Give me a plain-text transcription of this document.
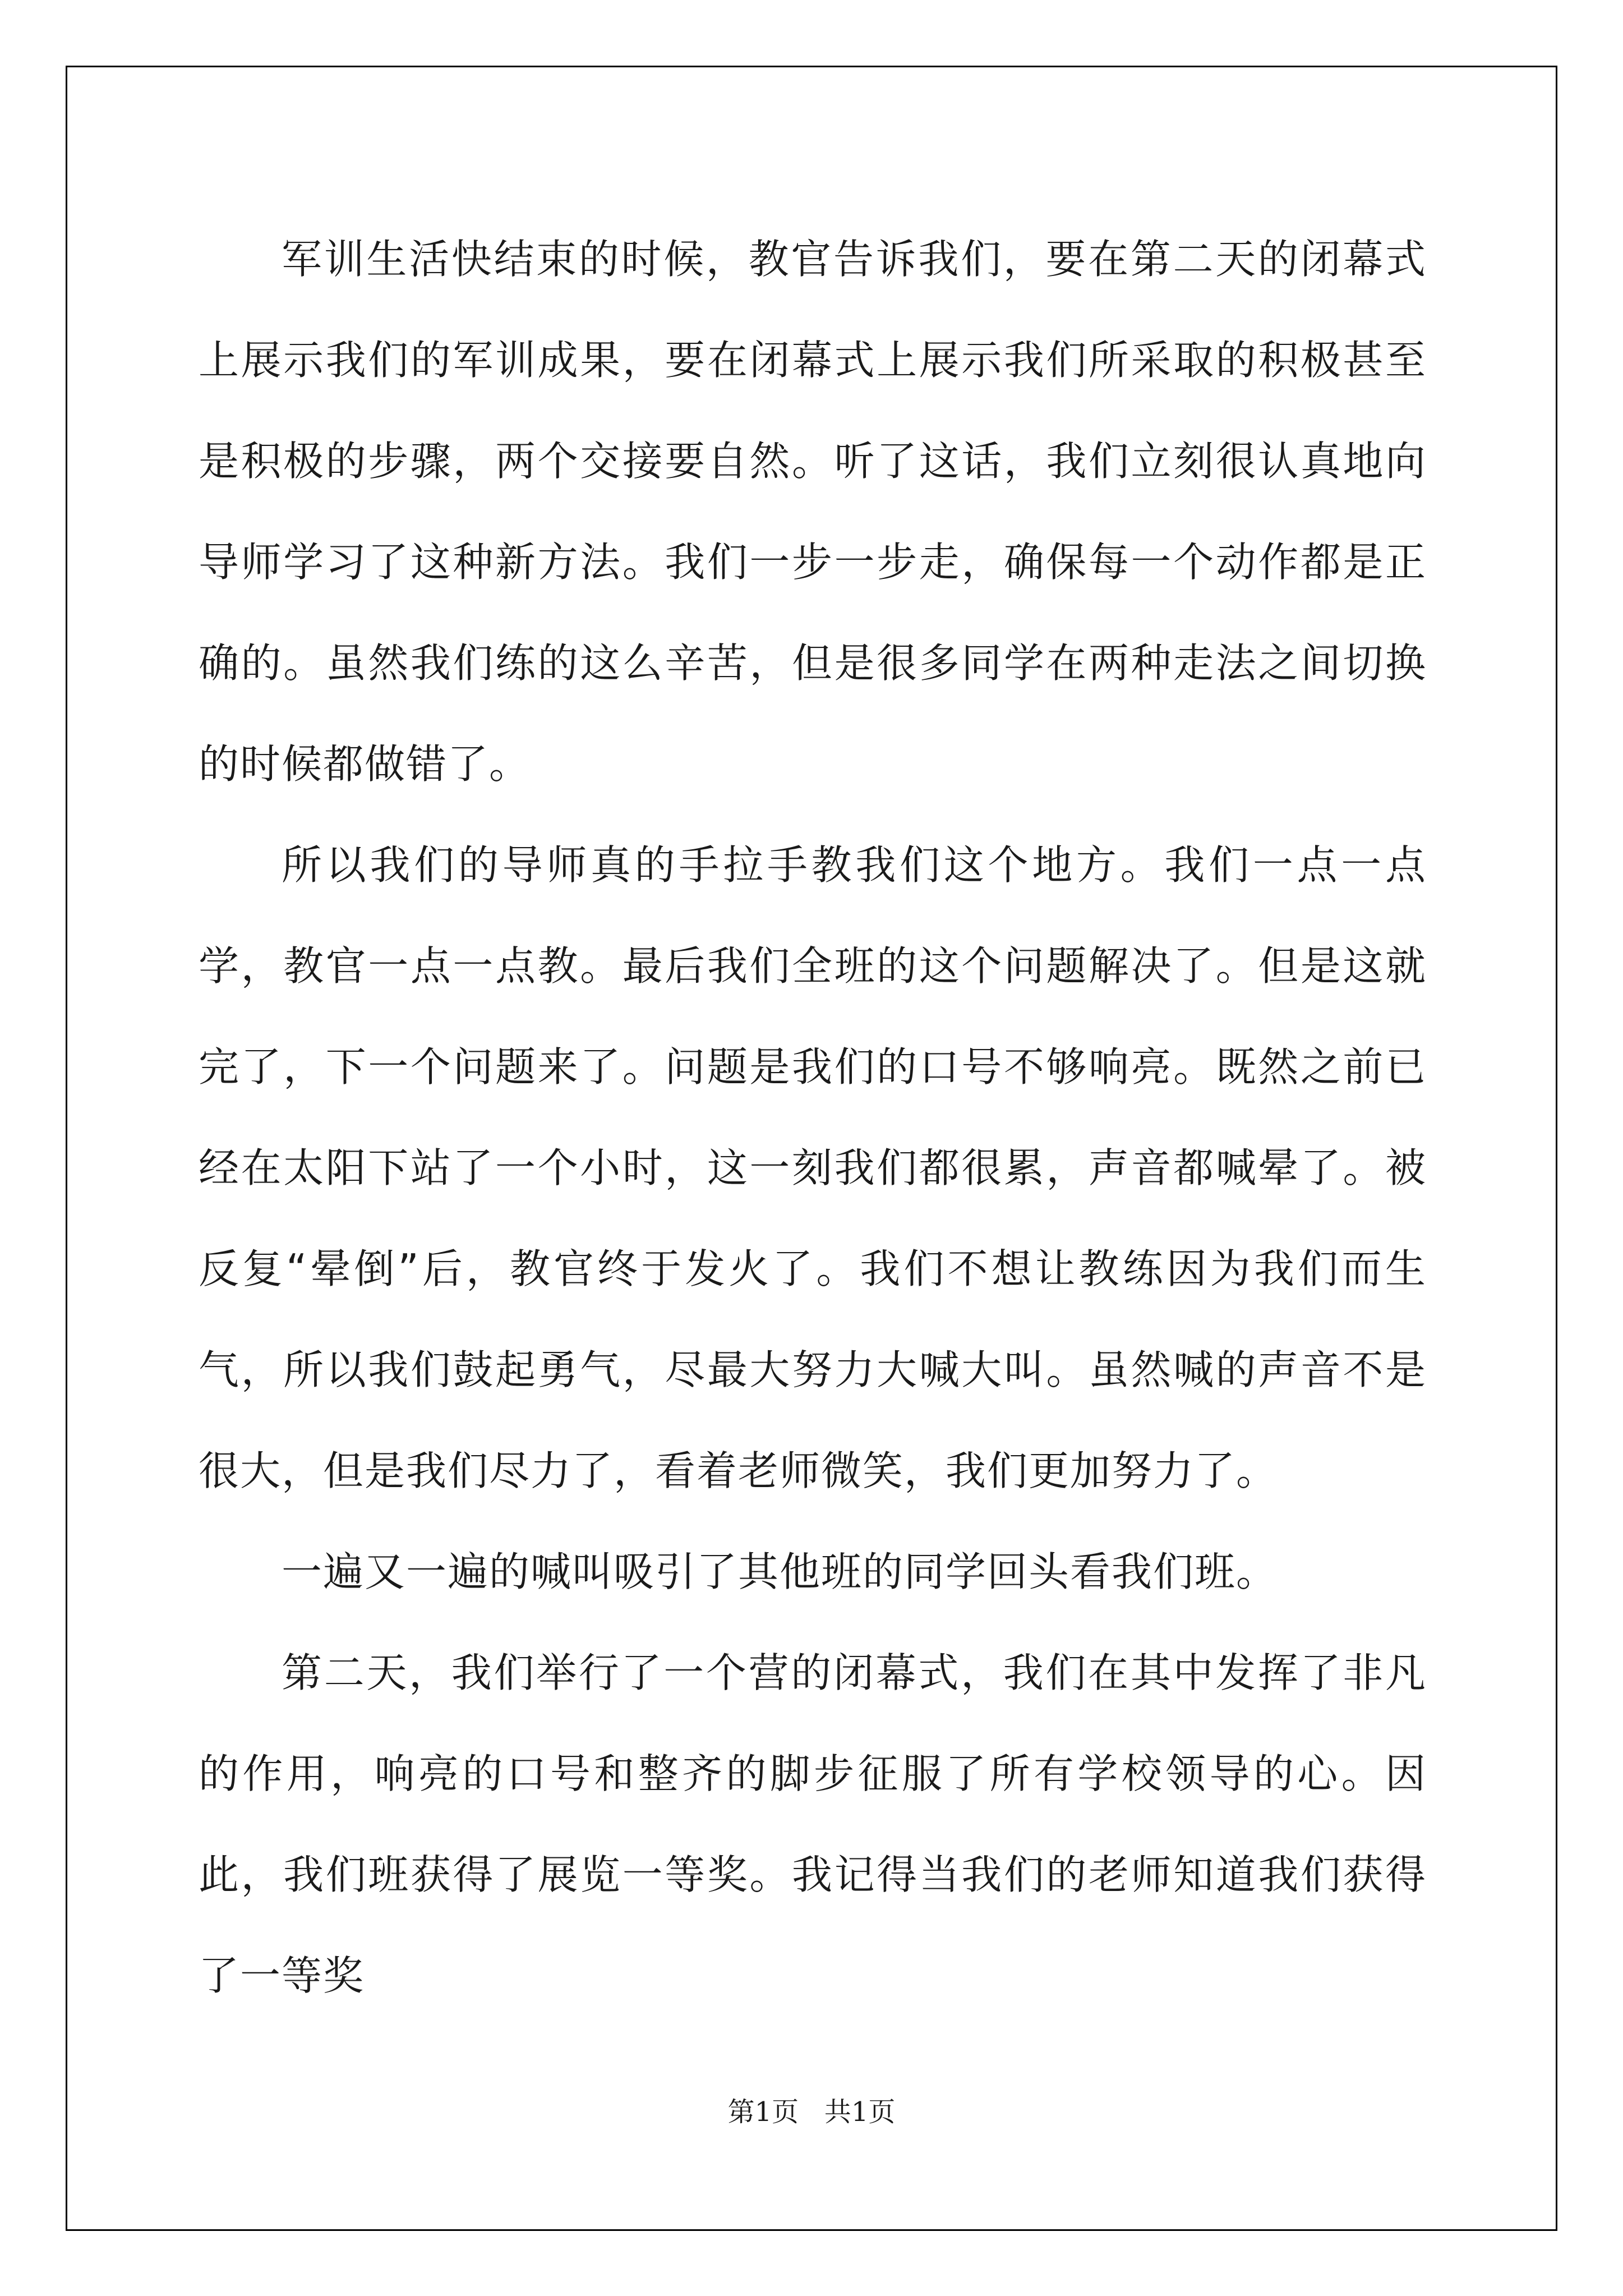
军训生活快结束的时候，教官告诉我们，要在第二天的闭幕式上展示我们的军训成果，要在闭幕式上展示我们所采取的积极甚至是积极的步骤，两个交接要自然。听了这话，我们立刻很认真地向导师学习了这种新方法。我们一步一步走，确保每一个动作都是正确的。虽然我们练的这么辛苦，但是很多同学在两种走法之间切换的时候都做错了。

所以我们的导师真的手拉手教我们这个地方。我们一点一点学，教官一点一点教。最后我们全班的这个问题解决了。但是这就完了，下一个问题来了。问题是我们的口号不够响亮。既然之前已经在太阳下站了一个小时，这一刻我们都很累，声音都喊晕了。被反复“晕倒”后，教官终于发火了。我们不想让教练因为我们而生气，所以我们鼓起勇气，尽最大努力大喊大叫。虽然喊的声音不是很大，但是我们尽力了，看着老师微笑，我们更加努力了。

一遍又一遍的喊叫吸引了其他班的同学回头看我们班。

第二天，我们举行了一个营的闭幕式，我们在其中发挥了非凡的作用，响亮的口号和整齐的脚步征服了所有学校领导的心。因此，我们班获得了展览一等奖。我记得当我们的老师知道我们获得了一等奖

第1页   共1页
